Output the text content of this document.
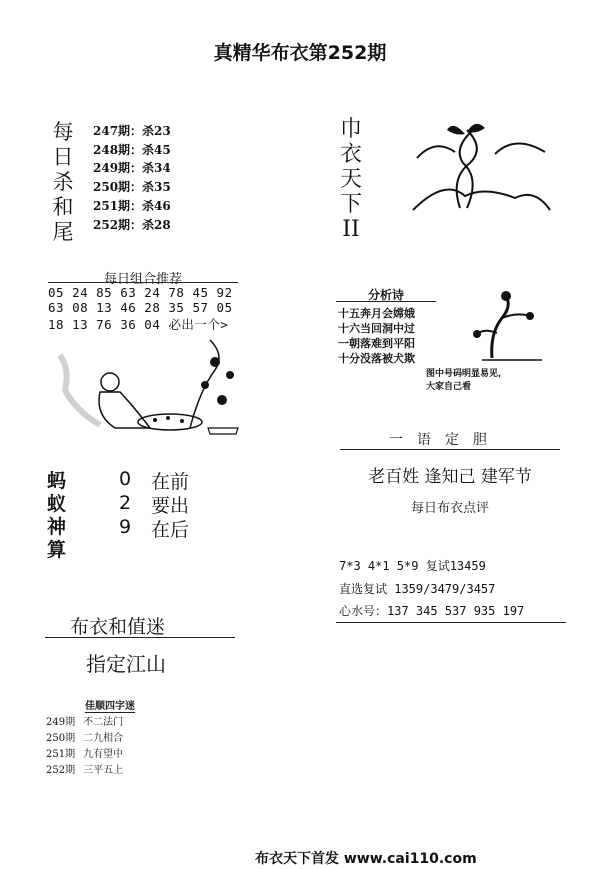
真精华布衣第252期
每
日
杀
和
尾
247期：杀23
248期：杀45
249期：杀34
250期：杀35
251期：杀46
252期：杀28
巾
衣
天
下
II
每日组合推荐
05 24 85 63 24 78 45 92
63 08 13 46 28 35 57 05
18 13 76 36 04 必出一个>
分析诗
十五奔月会嫦娥
十六当回洞中过
一朝落难到平阳
十分没落被犬欺
图中号码明显易见，
大家自己看
蚂
蚁
神
算
0 在前
2 要出
9 在后
一语定胆
老百姓 逢知己 建军节
每日布衣点评
7*3 4*1 5*9 复试13459
直选复试 1359/3479/3457
心水号：137 345 537 935 197
布衣和值迷
指定江山
佳顺四字迷
249期 不二法门
250期 二九相合
251期 九有望中
252期 三平五上
布衣天下首发 www.cai110.com
